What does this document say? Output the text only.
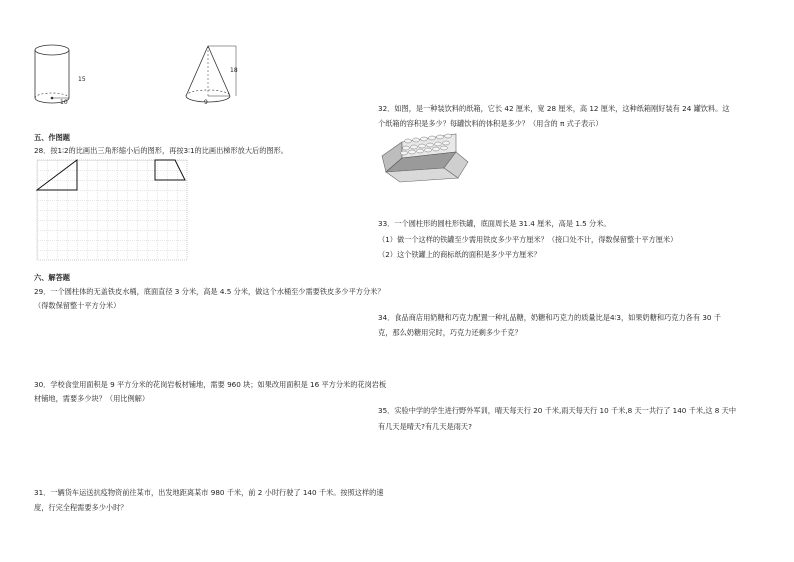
15
10
18
9
五、作图题
28．按1∶2的比画出三角形缩小后的图形，再按3∶1的比画出梯形放大后的图形。
六、解答题
29．一个圆柱体的无盖铁皮水桶，底面直径 3 分米，高是 4.5 分米，做这个水桶至少需要铁皮多少平方分米？
（得数保留整十平方分米）
30．学校食堂用面积是 9 平方分米的花岗岩板材铺地，需要 960 块；如果改用面积是 16 平方分米的花岗岩板
材铺地，需要多少块？（用比例解）
31．一辆货车运送抗疫物资前往某市，出发地距离某市 980 千米，前 2 小时行驶了 140 千米。按照这样的速
度，行完全程需要多少小时？
32．如图，是一种装饮料的纸箱，它长 42 厘米，宽 28 厘米，高 12 厘米，这种纸箱刚好装有 24 罐饮料。这
个纸箱的容积是多少？每罐饮料的体积是多少？（用含的 π 式子表示）
33．一个圆柱形的圆柱形铁罐，底面周长是 31.4 厘米，高是 1.5 分米。
（1）做一个这样的铁罐至少需用铁皮多少平方厘米？（接口处不计，得数保留整十平方厘米）
（2）这个铁罐上的商标纸的面积是多少平方厘米？
34．食品商店用奶糖和巧克力配置一种礼品糖，奶糖和巧克力的质量比是4∶3，如果奶糖和巧克力各有 30 千
克，那么奶糖用完时，巧克力还剩多少千克？
35．实验中学的学生进行野外军训，晴天每天行 20 千米,雨天每天行 10 千米,8 天一共行了 140 千米,这 8 天中
有几天是晴天?有几天是雨天?
